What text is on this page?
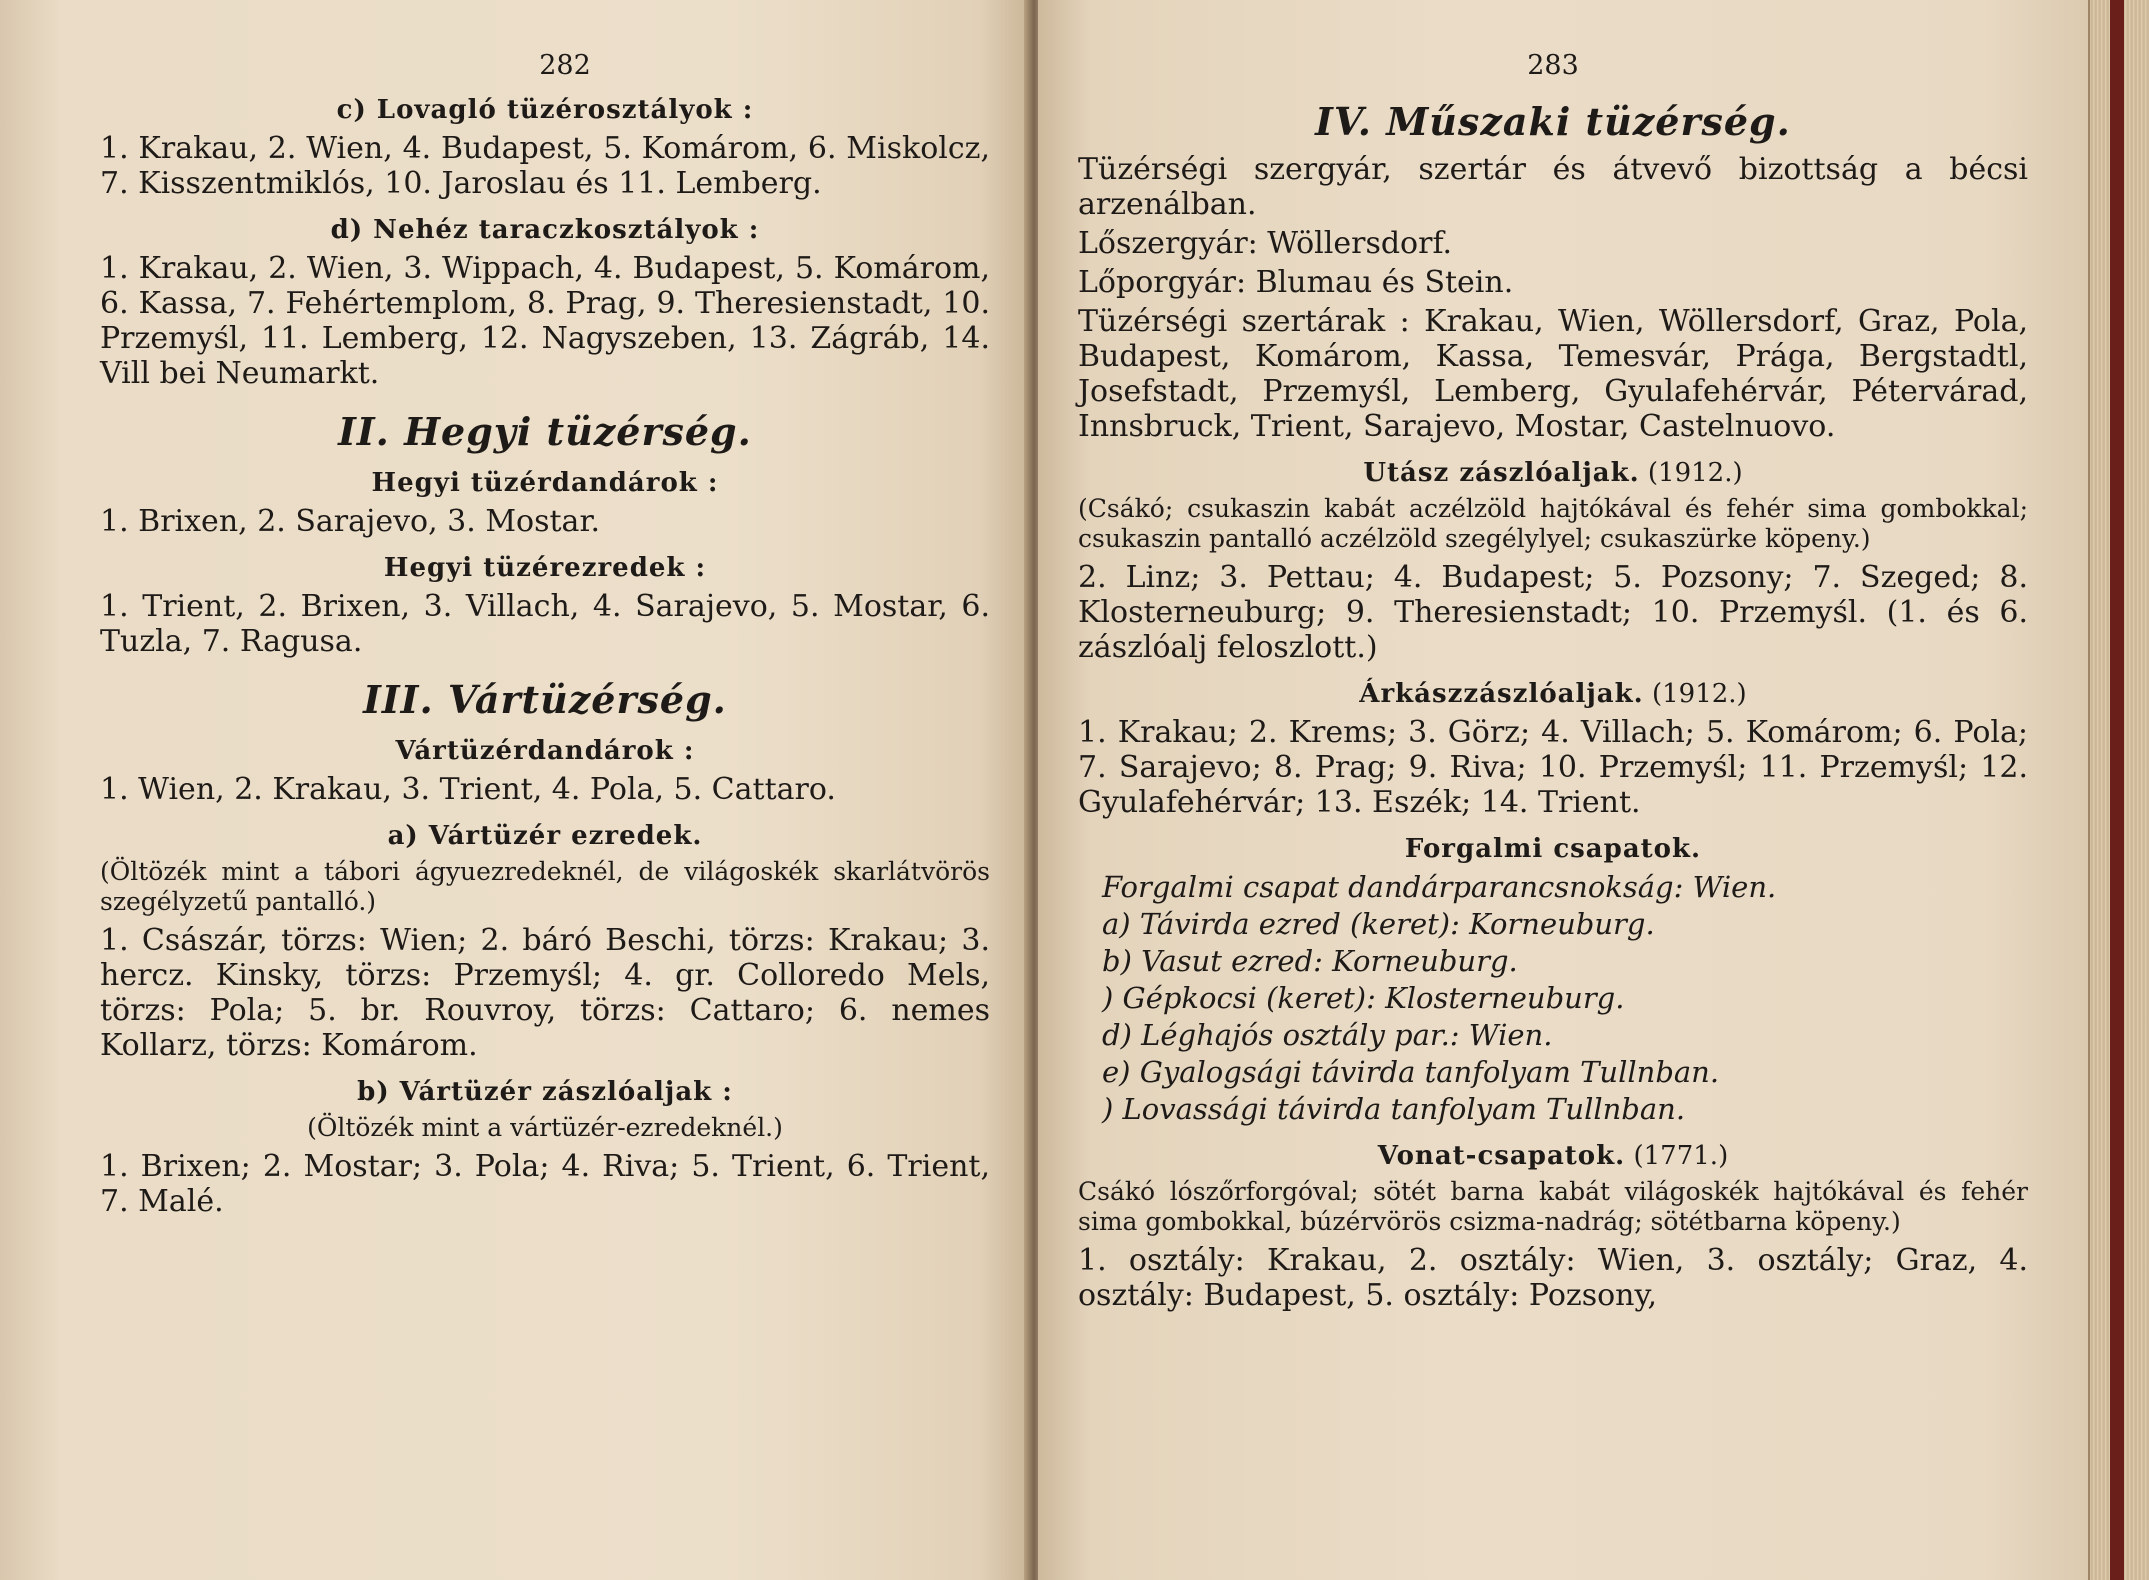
282
c) Lovagló tüzérosztályok :
1. Krakau, 2. Wien, 4. Budapest, 5. Komárom, 6. Miskolcz, 7. Kisszentmiklós, 10. Jaroslau és 11. Lemberg.
d) Nehéz taraczkosztályok :
1. Krakau, 2. Wien, 3. Wippach, 4. Budapest, 5. Komárom, 6. Kassa, 7. Fehértemplom, 8. Prag, 9. Theresienstadt, 10. Przemyśl, 11. Lemberg, 12. Nagyszeben, 13. Zágráb, 14. Vill bei Neumarkt.
II. Hegyi tüzérség.
Hegyi tüzérdandárok :
1. Brixen, 2. Sarajevo, 3. Mostar.
Hegyi tüzérezredek :
1. Trient, 2. Brixen, 3. Villach, 4. Sarajevo, 5. Mostar, 6. Tuzla, 7. Ragusa.
III. Vártüzérség.
Vártüzérdandárok :
1. Wien, 2. Krakau, 3. Trient, 4. Pola, 5. Cattaro.
a) Vártüzér ezredek.
(Öltözék mint a tábori ágyuezredeknél, de világoskék skarlátvörös szegélyzetű pantalló.)
1. Császár, törzs: Wien; 2. báró Beschi, törzs: Krakau; 3. hercz. Kinsky, törzs: Przemyśl; 4. gr. Colloredo Mels, törzs: Pola; 5. br. Rouvroy, törzs: Cattaro; 6. nemes Kollarz, törzs: Komárom.
b) Vártüzér zászlóaljak :
(Öltözék mint a vártüzér-ezredeknél.)
1. Brixen; 2. Mostar; 3. Pola; 4. Riva; 5. Trient, 6. Trient, 7. Malé.
283
IV. Műszaki tüzérség.
Tüzérségi szergyár, szertár és átvevő bizottság a bécsi arzenálban.
Lőszergyár: Wöllersdorf.
Lőporgyár: Blumau és Stein.
Tüzérségi szertárak : Krakau, Wien, Wöllersdorf, Graz, Pola, Budapest, Komárom, Kassa, Temesvár, Prága, Bergstadtl, Josefstadt, Przemyśl, Lemberg, Gyulafehérvár, Pétervárad, Innsbruck, Trient, Sarajevo, Mostar, Castelnuovo.
Utász zászlóaljak. (1912.)
(Csákó; csukaszin kabát aczélzöld hajtókával és fehér sima gombokkal; csukaszin pantalló aczélzöld szegélylyel; csukaszürke köpeny.)
2. Linz; 3. Pettau; 4. Budapest; 5. Pozsony; 7. Szeged; 8. Klosterneuburg; 9. Theresienstadt; 10. Przemyśl. (1. és 6. zászlóalj feloszlott.)
Árkászzászlóaljak. (1912.)
1. Krakau; 2. Krems; 3. Görz; 4. Villach; 5. Komárom; 6. Pola; 7. Sarajevo; 8. Prag; 9. Riva; 10. Przemyśl; 11. Przemyśl; 12. Gyulafehérvár; 13. Eszék; 14. Trient.
Forgalmi csapatok.
Forgalmi csapat dandárparancsnokság: Wien.
a) Távirda ezred (keret): Korneuburg.
b) Vasut ezred: Korneuburg.
) Gépkocsi (keret): Klosterneuburg.
d) Léghajós osztály par.: Wien.
e) Gyalogsági távirda tanfolyam Tullnban.
) Lovassági távirda tanfolyam Tullnban.
Vonat-csapatok. (1771.)
Csákó lószőrforgóval; sötét barna kabát világoskék hajtókával és fehér sima gombokkal, búzérvörös csizma-nadrág; sötétbarna köpeny.)
1. osztály: Krakau, 2. osztály: Wien, 3. osztály; Graz, 4. osztály: Budapest, 5. osztály: Pozsony,
